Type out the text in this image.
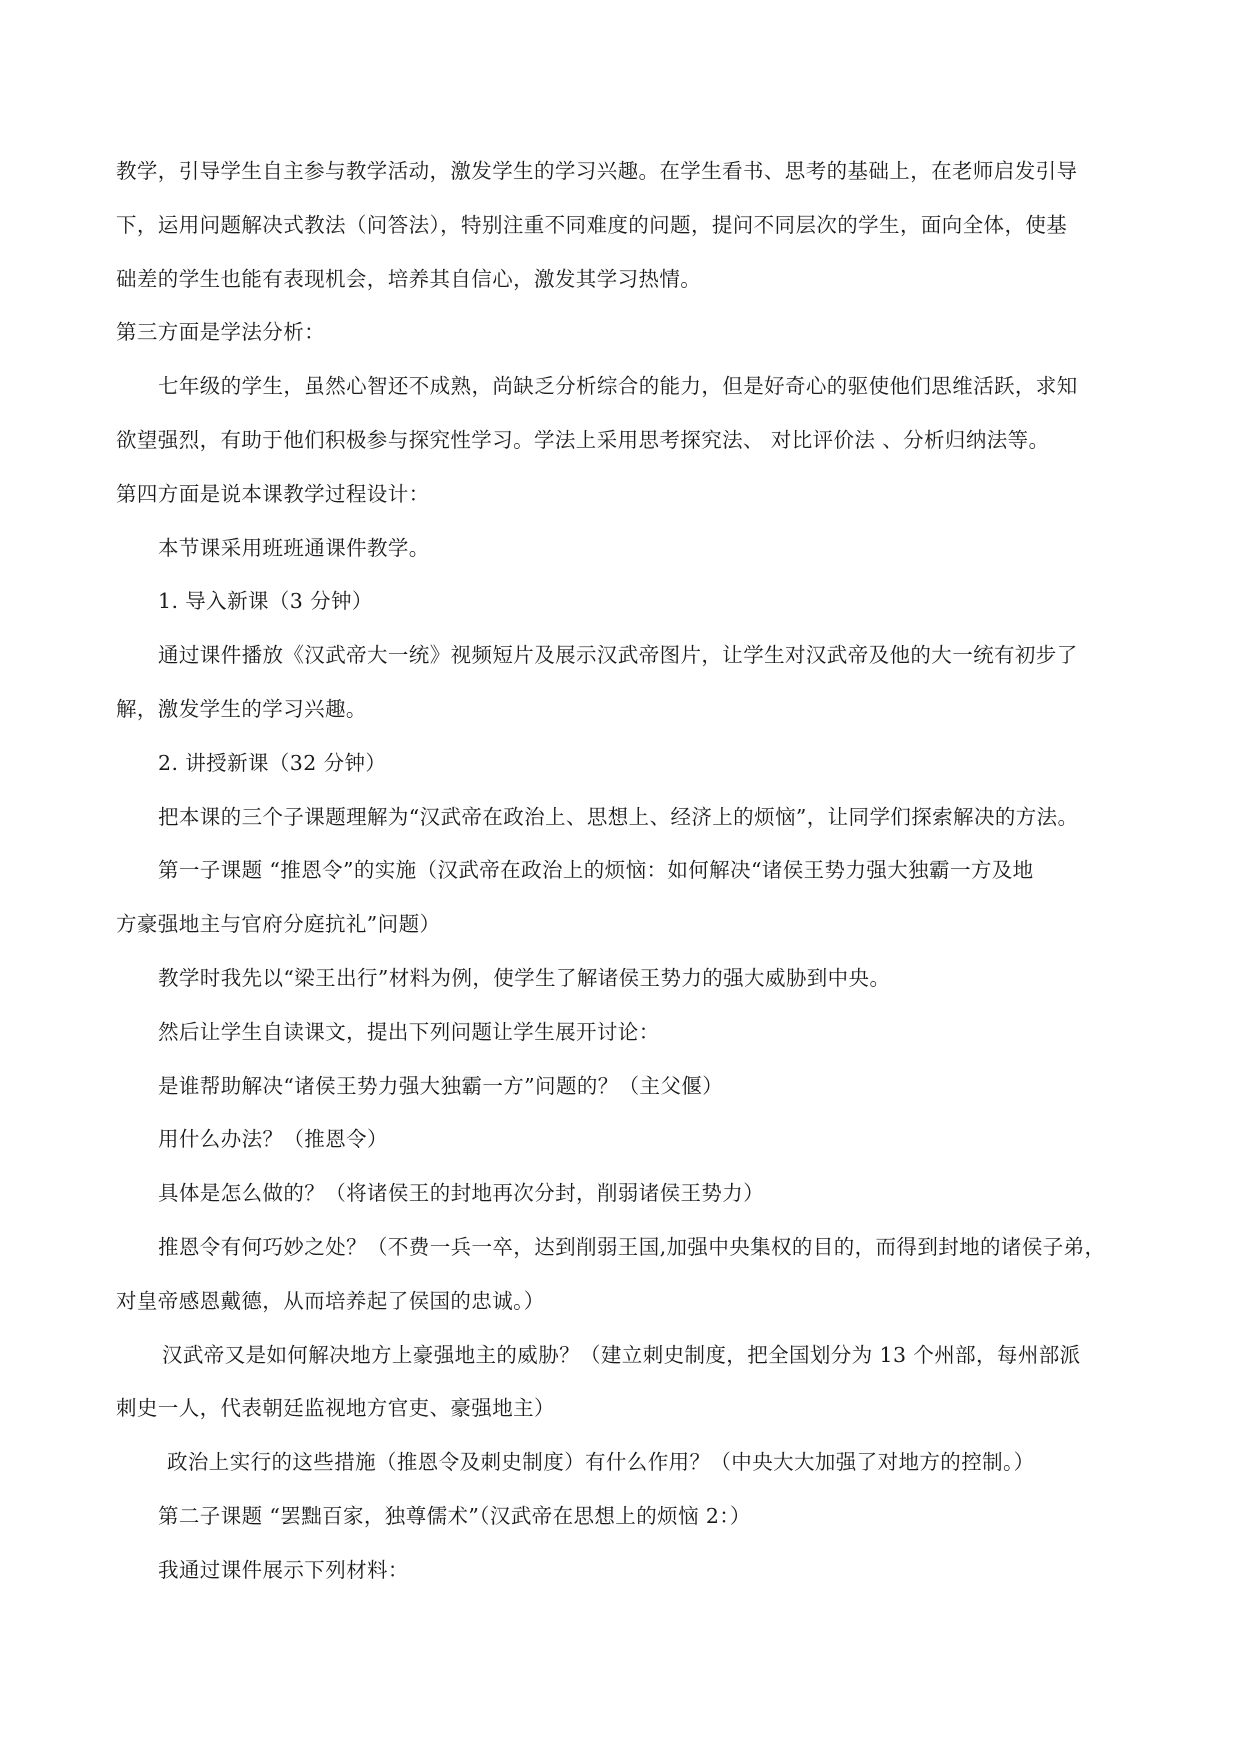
教学，引导学生自主参与教学活动，激发学生的学习兴趣。在学生看书、思考的基础上，在老师启发引导
下，运用问题解决式教法（问答法），特别注重不同难度的问题，提问不同层次的学生，面向全体，使基
础差的学生也能有表现机会，培养其自信心，激发其学习热情。
第三方面是学法分析：
七年级的学生，虽然心智还不成熟，尚缺乏分析综合的能力，但是好奇心的驱使他们思维活跃，求知
欲望强烈，有助于他们积极参与探究性学习。学法上采用思考探究法、 对比评价法 、分析归纳法等。
第四方面是说本课教学过程设计：
本节课采用班班通课件教学。
1. 导入新课（3 分钟）
通过课件播放《汉武帝大一统》视频短片及展示汉武帝图片，让学生对汉武帝及他的大一统有初步了
解，激发学生的学习兴趣。
2. 讲授新课（32 分钟）
把本课的三个子课题理解为“汉武帝在政治上、思想上、经济上的烦恼”，让同学们探索解决的方法。
第一子课题 “推恩令”的实施（汉武帝在政治上的烦恼：如何解决“诸侯王势力强大独霸一方及地
方豪强地主与官府分庭抗礼”问题）
教学时我先以“梁王出行”材料为例，使学生了解诸侯王势力的强大威胁到中央。
然后让学生自读课文，提出下列问题让学生展开讨论：
是谁帮助解决“诸侯王势力强大独霸一方”问题的？（主父偃）
用什么办法？（推恩令）
具体是怎么做的？（将诸侯王的封地再次分封，削弱诸侯王势力）
推恩令有何巧妙之处？（不费一兵一卒，达到削弱王国,加强中央集权的目的，而得到封地的诸侯子弟，
对皇帝感恩戴德，从而培养起了侯国的忠诚。）
汉武帝又是如何解决地方上豪强地主的威胁？（建立刺史制度，把全国划分为 13 个州部，每州部派
刺史一人，代表朝廷监视地方官吏、豪强地主）
政治上实行的这些措施（推恩令及刺史制度）有什么作用？（中央大大加强了对地方的控制。）
第二子课题 “罢黜百家，独尊儒术”（汉武帝在思想上的烦恼 2：）
我通过课件展示下列材料：
